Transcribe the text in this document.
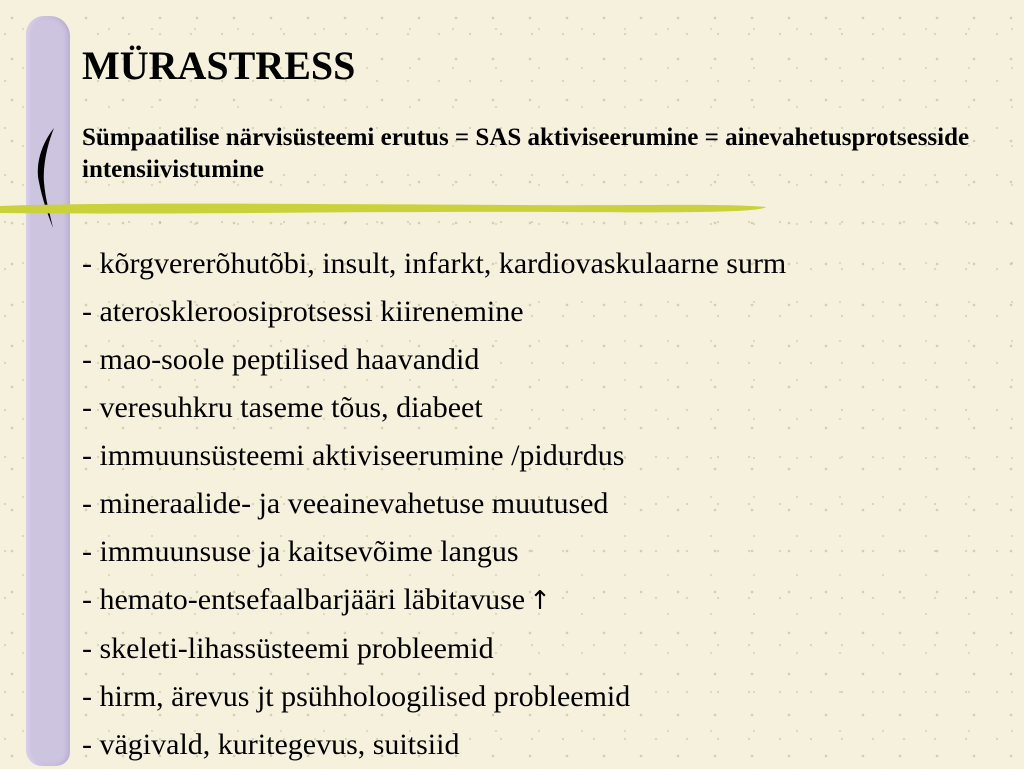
MÜRASTRESS

Sümpaatilise närvisüsteemi erutus = SAS aktiviseerumine = ainevahetusprotsesside intensiivistumine

- kõrgvererõhutõbi, insult, infarkt, kardiovaskulaarne surm
- ateroskleroosiprotsessi kiirenemine
- mao-soole peptilised haavandid
- veresuhkru taseme tõus, diabeet
- immuunsüsteemi aktiviseerumine /pidurdus
- mineraalide- ja veeainevahetuse muutused
- immuunsuse ja kaitsevõime langus
- hemato-entsefaalbarjääri läbitavuse ↑
- skeleti-lihassüsteemi probleemid
- hirm, ärevus jt psühholoogilised probleemid
- vägivald, kuritegevus, suitsiid
